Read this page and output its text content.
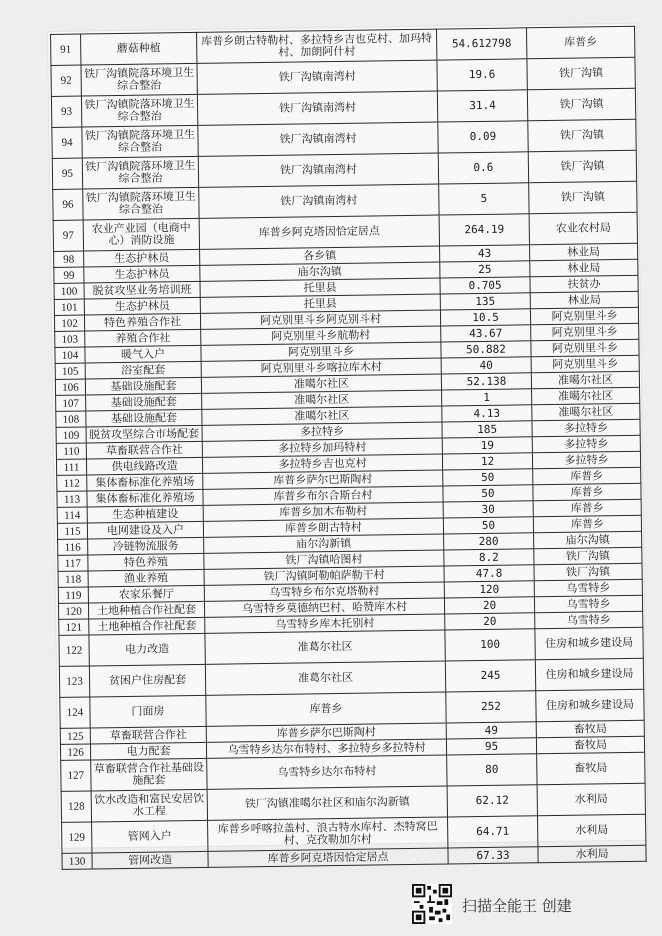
91	蘑菇种植	库普乡朗古特勒村、多拉特乡吉也克村、加玛特村、加朗阿什村	54.612798	库普乡
92	铁厂沟镇院落环境卫生综合整治	铁厂沟镇南湾村	19.6	铁厂沟镇
93	铁厂沟镇院落环境卫生综合整治	铁厂沟镇南湾村	31.4	铁厂沟镇
94	铁厂沟镇院落环境卫生综合整治	铁厂沟镇南湾村	0.09	铁厂沟镇
95	铁厂沟镇院落环境卫生综合整治	铁厂沟镇南湾村	0.6	铁厂沟镇
96	铁厂沟镇院落环境卫生综合整治	铁厂沟镇南湾村	5	铁厂沟镇
97	农业产业园（电商中心）消防设施	库普乡阿克塔因恰定居点	264.19	农业农村局
98	生态护林员	各乡镇	43	林业局
99	生态护林员	庙尔沟镇	25	林业局
100	脱贫攻坚业务培训班	托里县	0.705	扶贫办
101	生态护林员	托里县	135	林业局
102	特色养殖合作社	阿克别里斗乡阿克别斗村	10.5	阿克别里斗乡
103	养殖合作社	阿克别里斗乡航勒村	43.67	阿克别里斗乡
104	暖气入户	阿克别里斗乡	50.882	阿克别里斗乡
105	浴室配套	阿克别里斗乡喀拉库木村	40	阿克别里斗乡
106	基础设施配套	准噶尔社区	52.138	准噶尔社区
107	基础设施配套	准噶尔社区	1	准噶尔社区
108	基础设施配套	准噶尔社区	4.13	准噶尔社区
109	脱贫攻坚综合市场配套	多拉特乡	185	多拉特乡
110	草畜联营合作社	多拉特乡加玛特村	19	多拉特乡
111	供电线路改造	多拉特乡吉也克村	12	多拉特乡
112	集体畜标准化养殖场	库普乡萨尔巴斯陶村	50	库普乡
113	集体畜标准化养殖场	库普乡布尔合斯台村	50	库普乡
114	生态种植建设	库普乡加木布勒村	30	库普乡
115	电网建设及入户	库普乡朗古特村	50	库普乡
116	冷链物流服务	庙尔沟新镇	280	庙尔沟镇
117	特色养殖	铁厂沟镇哈图村	8.2	铁厂沟镇
118	渔业养殖	铁厂沟镇阿勒帕萨勒干村	47.8	铁厂沟镇
119	农家乐餐厅	乌雪特乡布尔克塔勒村	120	乌雪特乡
120	土地种植合作社配套	乌雪特乡莫德纳巴村、哈赞库木村	20	乌雪特乡
121	土地种植合作社配套	乌雪特乡库木托别村	20	乌雪特乡
122	电力改造	准葛尔社区	100	住房和城乡建设局
123	贫困户住房配套	准葛尔社区	245	住房和城乡建设局
124	门面房	库普乡	252	住房和城乡建设局
125	草畜联营合作社	库普乡萨尔巴斯陶村	49	畜牧局
126	电力配套	乌雪特乡达尔布特村、多拉特乡多拉特村	95	畜牧局
127	草畜联营合作社基础设施配套	乌雪特乡达尔布特村	80	畜牧局
128	饮水改造和富民安居饮水工程	铁厂沟镇准噶尔社区和庙尔沟新镇	62.12	水利局
129	管网入户	库普乡呼喀拉盖村、浪古特水库村、杰特窝巴村、克孜勒加尔村	64.71	水利局
130	管网改造	库普乡阿克塔因恰定居点	67.33	水利局
扫描全能王 创建
